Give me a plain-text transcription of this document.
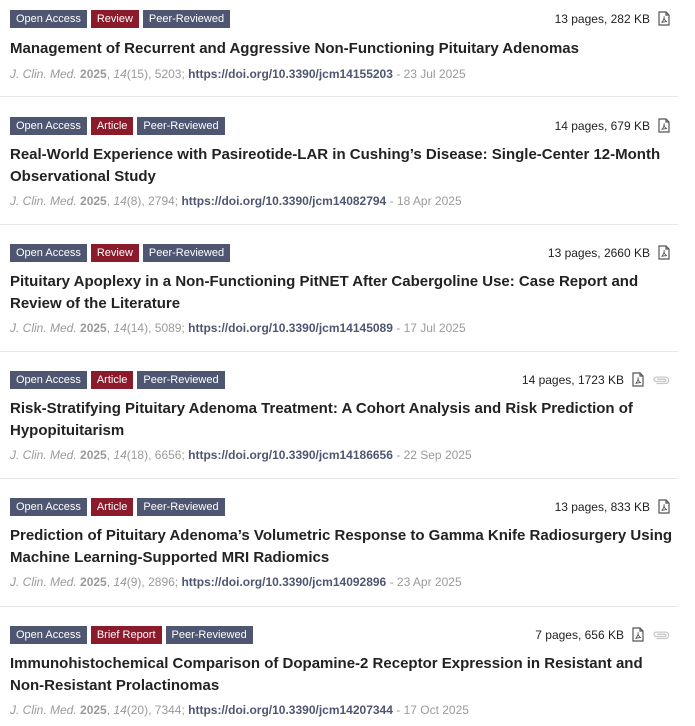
Open Access	Review	Peer-Reviewed	13 pages, 282 KB
Management of Recurrent and Aggressive Non-Functioning Pituitary Adenomas
J. Clin. Med. 2025, 14(15), 5203; https://doi.org/10.3390/jcm14155203 - 23 Jul 2025
Open Access	Article	Peer-Reviewed	14 pages, 679 KB
Real-World Experience with Pasireotide-LAR in Cushing’s Disease: Single-Center 12-Month Observational Study
J. Clin. Med. 2025, 14(8), 2794; https://doi.org/10.3390/jcm14082794 - 18 Apr 2025
Open Access	Review	Peer-Reviewed	13 pages, 2660 KB
Pituitary Apoplexy in a Non-Functioning PitNET After Cabergoline Use: Case Report and Review of the Literature
J. Clin. Med. 2025, 14(14), 5089; https://doi.org/10.3390/jcm14145089 - 17 Jul 2025
Open Access	Article	Peer-Reviewed	14 pages, 1723 KB
Risk-Stratifying Pituitary Adenoma Treatment: A Cohort Analysis and Risk Prediction of Hypopituitarism
J. Clin. Med. 2025, 14(18), 6656; https://doi.org/10.3390/jcm14186656 - 22 Sep 2025
Open Access	Article	Peer-Reviewed	13 pages, 833 KB
Prediction of Pituitary Adenoma’s Volumetric Response to Gamma Knife Radiosurgery Using Machine Learning-Supported MRI Radiomics
J. Clin. Med. 2025, 14(9), 2896; https://doi.org/10.3390/jcm14092896 - 23 Apr 2025
Open Access	Brief Report	Peer-Reviewed	7 pages, 656 KB
Immunohistochemical Comparison of Dopamine-2 Receptor Expression in Resistant and Non-Resistant Prolactinomas
J. Clin. Med. 2025, 14(20), 7344; https://doi.org/10.3390/jcm14207344 - 17 Oct 2025
